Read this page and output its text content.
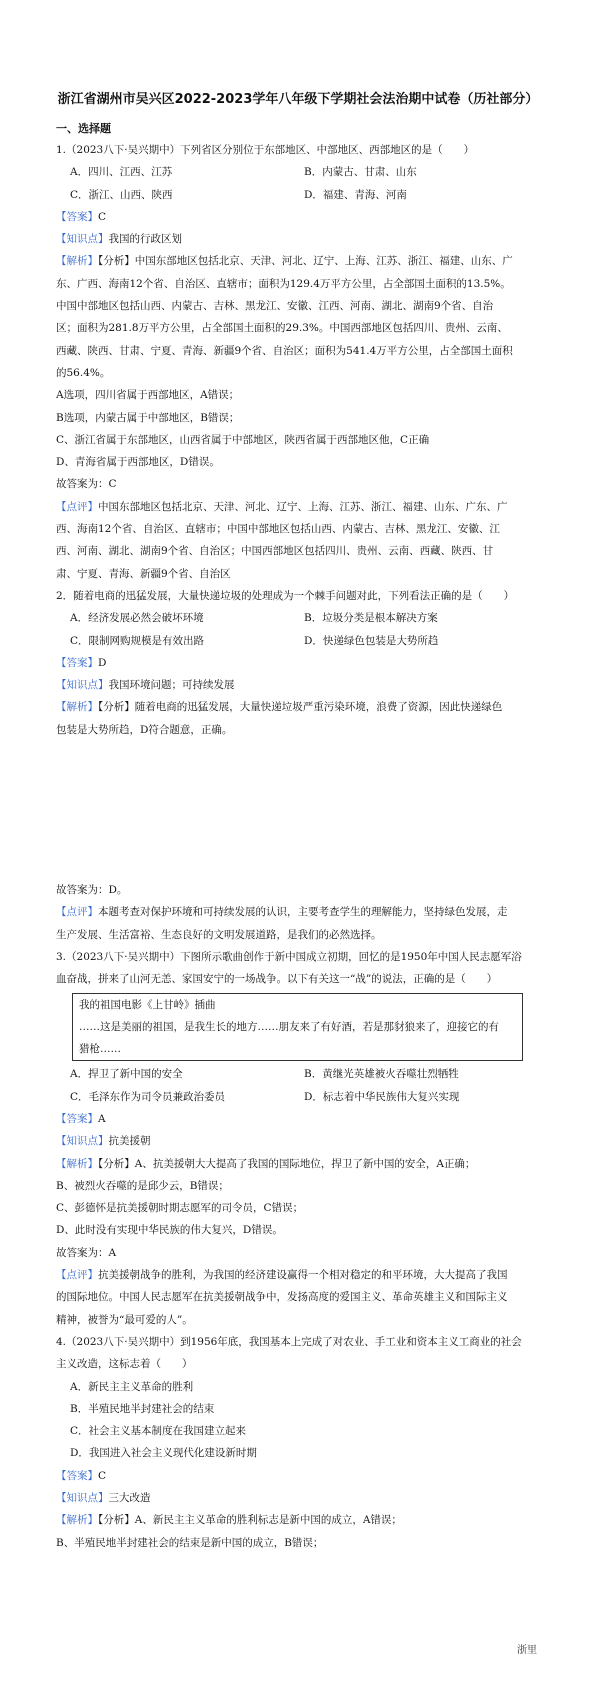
浙江省湖州市吴兴区2022-2023学年八年级下学期社会法治期中试卷（历社部分）
一、选择题
1.（2023八下·吴兴期中）下列省区分别位于东部地区、中部地区、西部地区的是（　　）
A．四川、江西、江苏	B．内蒙古、甘肃、山东
C．浙江、山西、陕西	D．福建、青海、河南
【答案】C
【知识点】我国的行政区划
【解析】【分析】中国东部地区包括北京、天津、河北、辽宁、上海、江苏、浙江、福建、山东、广
东、广西、海南12个省、自治区、直辖市；面积为129.4万平方公里，占全部国土面积的13.5%。
中国中部地区包括山西、内蒙古、吉林、黑龙江、安徽、江西、河南、湖北、湖南9个省、自治
区；面积为281.8万平方公里，占全部国土面积的29.3%。中国西部地区包括四川、贵州、云南、
西藏、陕西、甘肃、宁夏、青海、新疆9个省、自治区；面积为541.4万平方公里，占全部国土面积
的56.4%。
A选项，四川省属于西部地区，A错误；
B选项，内蒙古属于中部地区，B错误；
C、浙江省属于东部地区，山西省属于中部地区，陕西省属于西部地区他，C正确
D、青海省属于西部地区，D错误。
故答案为：C
【点评】中国东部地区包括北京、天津、河北、辽宁、上海、江苏、浙江、福建、山东、广东、广
西、海南12个省、自治区、直辖市；中国中部地区包括山西、内蒙古、吉林、黑龙江、安徽、江
西、河南、湖北、湖南9个省、自治区；中国西部地区包括四川、贵州、云南、西藏、陕西、甘
肃、宁夏、青海、新疆9个省、自治区
2．随着电商的迅猛发展，大量快递垃圾的处理成为一个棘手问题对此，下列看法正确的是（　　）
A．经济发展必然会破坏环境	B．垃圾分类是根本解决方案
C．限制网购规模是有效出路	D．快递绿色包装是大势所趋
【答案】D
【知识点】我国环境问题；可持续发展
【解析】【分析】随着电商的迅猛发展，大量快递垃圾严重污染环境，浪费了资源，因此快递绿色
包装是大势所趋，D符合题意，正确。
故答案为：D。
【点评】本题考查对保护环境和可持续发展的认识，主要考查学生的理解能力，坚持绿色发展，走
生产发展、生活富裕、生态良好的文明发展道路，是我们的必然选择。
3.（2023八下·吴兴期中）下图所示歌曲创作于新中国成立初期，回忆的是1950年中国人民志愿军浴
血奋战，拼来了山河无恙、家国安宁的一场战争。以下有关这一“战”的说法，正确的是（　　）
我的祖国电影《上甘岭》插曲
……这是美丽的祖国，是我生长的地方……朋友来了有好酒，若是那豺狼来了，迎接它的有
猎枪……
A．捍卫了新中国的安全	B．黄继光英雄被火吞噬壮烈牺牲
C．毛泽东作为司令员兼政治委员	D．标志着中华民族伟大复兴实现
【答案】A
【知识点】抗美援朝
【解析】【分析】A、抗美援朝大大提高了我国的国际地位，捍卫了新中国的安全，A正确；
B、被烈火吞噬的是邱少云，B错误；
C、彭德怀是抗美援朝时期志愿军的司令员，C错误；
D、此时没有实现中华民族的伟大复兴，D错误。
故答案为：A
【点评】抗美援朝战争的胜利，为我国的经济建设赢得一个相对稳定的和平环境，大大提高了我国
的国际地位。中国人民志愿军在抗美援朝战争中，发扬高度的爱国主义、革命英雄主义和国际主义
精神，被誉为“最可爱的人”。
4.（2023八下·吴兴期中）到1956年底，我国基本上完成了对农业、手工业和资本主义工商业的社会
主义改造，这标志着（　　）
A．新民主主义革命的胜利
B．半殖民地半封建社会的结束
C．社会主义基本制度在我国建立起来
D．我国进入社会主义现代化建设新时期
【答案】C
【知识点】三大改造
【解析】【分析】A、新民主主义革命的胜利标志是新中国的成立，A错误；
B、半殖民地半封建社会的结束是新中国的成立，B错误；
浙里
